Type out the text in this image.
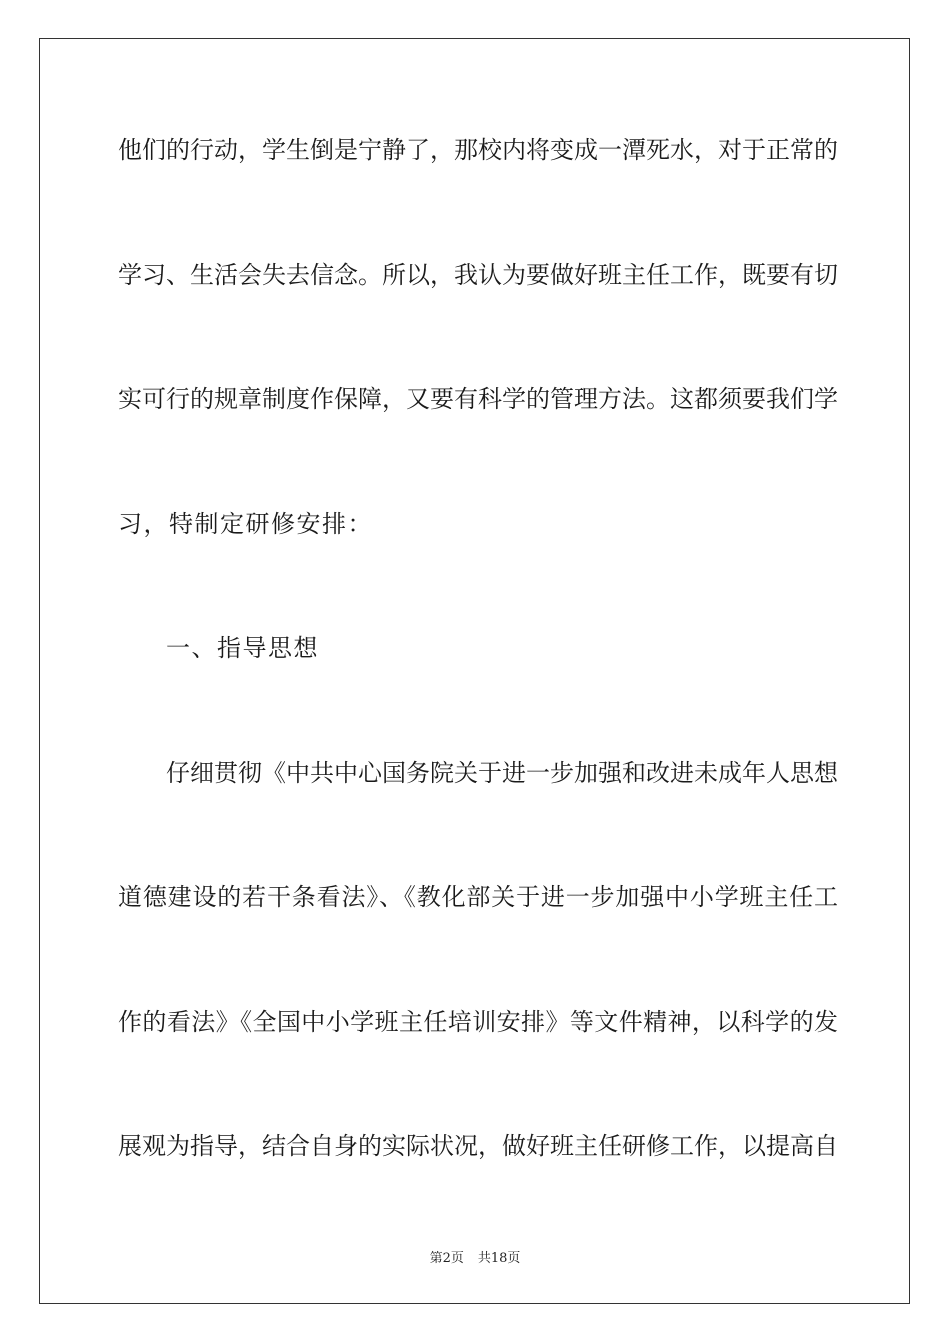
他们的行动，学生倒是宁静了，那校内将变成一潭死水，对于正常的
学习、生活会失去信念。所以，我认为要做好班主任工作，既要有切
实可行的规章制度作保障，又要有科学的管理方法。这都须要我们学
习，特制定研修安排：
一、指导思想
仔细贯彻《中共中心国务院关于进一步加强和改进未成年人思想
道德建设的若干条看法》、《教化部关于进一步加强中小学班主任工
作的看法》《全国中小学班主任培训安排》等文件精神，以科学的发
展观为指导，结合自身的实际状况，做好班主任研修工作，以提高自
第2页 共18页
